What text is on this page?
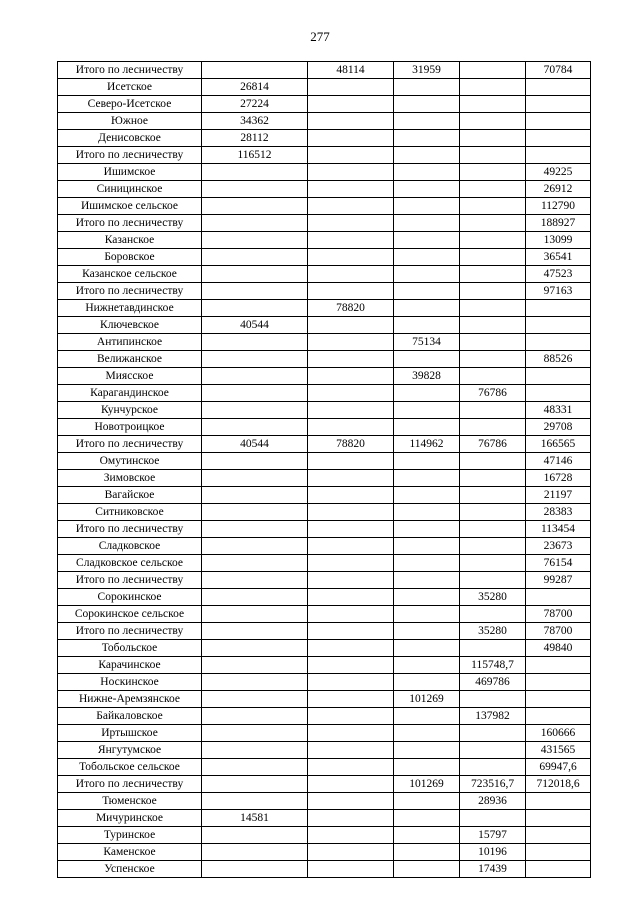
277
Итого по лесничеству		48114	31959		70784
Исетское	26814				
Северо-Исетское	27224				
Южное	34362				
Денисовское	28112				
Итого по лесничеству	116512				
Ишимское					49225
Синицинское					26912
Ишимское сельское					112790
Итого по лесничеству					188927
Казанское					13099
Боровское					36541
Казанское сельское					47523
Итого по лесничеству					97163
Нижнетавдинское		78820			
Ключевское	40544				
Антипинское			75134		
Велижанское					88526
Миясское			39828		
Карагандинское				76786	
Кунчурское					48331
Новотроицкое					29708
Итого по лесничеству	40544	78820	114962	76786	166565
Омутинское					47146
Зимовское					16728
Вагайское					21197
Ситниковское					28383
Итого по лесничеству					113454
Сладковское					23673
Сладковское сельское					76154
Итого по лесничеству					99287
Сорокинское				35280	
Сорокинское сельское					78700
Итого по лесничеству				35280	78700
Тобольское					49840
Карачинское				115748,7	
Носкинское				469786	
Нижне-Аремзянское			101269		
Байкаловское				137982	
Иртышское					160666
Янгутумское					431565
Тобольское сельское					69947,6
Итого по лесничеству			101269	723516,7	712018,6
Тюменское				28936	
Мичуринское	14581				
Туринское				15797	
Каменское				10196	
Успенское				17439	
